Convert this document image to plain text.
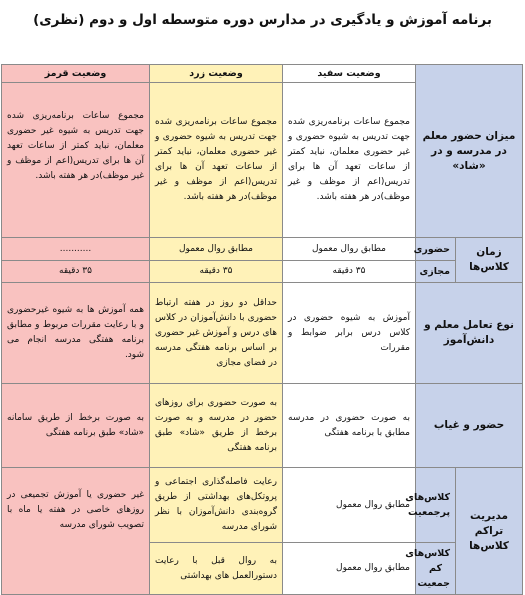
برنامه آموزش و یادگیری در مدارس دوره متوسطه اول و دوم (نظری)
میزان حضور معلم در مدرسه و در «شاد»		وضعیت سفید	وضعیت زرد	وضعیت قرمز
		مجموع ساعات برنامه‌ریزی شده جهت تدریس به شیوه حضوری و غیر حضوری معلمان، نباید کمتر از ساعات تعهد آن ها برای تدریس(اعم از موظف و غیر موظف)در هر هفته باشد.	مجموع ساعات برنامه‌ریزی شده جهت تدریس به شیوه حضوری و غیر حضوری معلمان، نباید کمتر از ساعات تعهد آن ها برای تدریس(اعم از موظف و غیر موظف)در هر هفته باشد.	مجموع ساعات برنامه‌ریزی شده جهت تدریس به شیوه غیر حضوری معلمان، نباید کمتر از ساعات تعهد آن ها برای تدریس(اعم از موظف و غیر موظف)در هر هفته باشد.
زمان کلاس‌ها	حضوری	مطابق روال معمول	مطابق روال معمول	...........
	مجازی	۳۵ دقیقه	۳۵ دقیقه	۳۵ دقیقه
نوع تعامل معلم و دانش‌آموز		آموزش به شیوه حضوری در کلاس درس برابر ضوابط و مقررات	حداقل دو روز در هفته ارتباط حضوری با دانش‌آموزان در کلاس های درس و آموزش غیر حضوری بر اساس برنامه هفتگی مدرسه در فضای مجازی	همه آموزش ها به شیوه غیرحضوری و با رعایت مقررات مربوط و مطابق برنامه هفتگی مدرسه انجام می شود.
حضور و غیاب		به صورت حضوری در مدرسه مطابق با برنامه هفتگی	به صورت حضوری برای روزهای حضور در مدرسه و به صورت برخط از طریق «شاد» طبق برنامه هفتگی	به صورت برخط از طریق سامانه «شاد» طبق برنامه هفتگی
مدیریت تراکم کلاس‌ها	کلاس‌های پرجمعیت	مطابق روال معمول	رعایت فاصله‌گذاری اجتماعی و پروتکل‌های بهداشتی از طریق گروه‌بندی دانش‌آموزان با نظر شورای مدرسه	غیر حضوری یا آموزش تجمیعی در روزهای خاصی در هفته یا ماه با تصویب شورای مدرسه
	کلاس‌های کم جمعیت	مطابق روال معمول	به روال قبل با رعایت دستورالعمل های بهداشتی	
